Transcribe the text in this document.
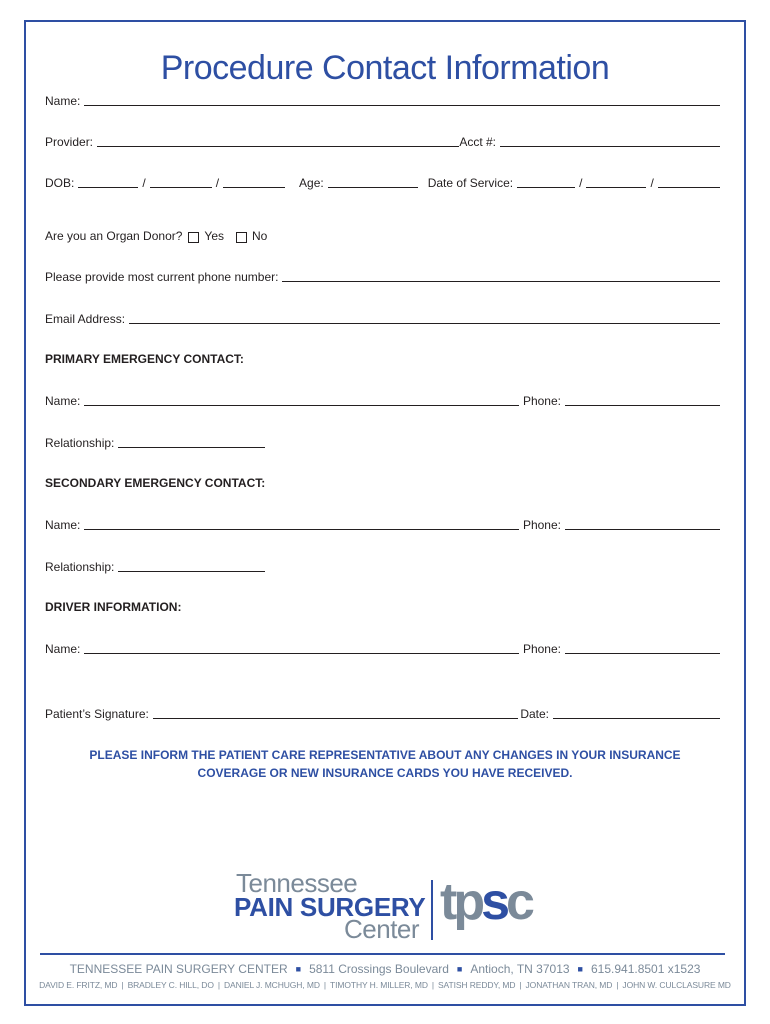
Procedure Contact Information
Name:
Provider:	Acct #:
DOB:	/	/	Age:	Date of Service:	/	/
Are you an Organ Donor? Yes No
Please provide most current phone number:
Email Address:
PRIMARY EMERGENCY CONTACT:
Name:	Phone:
Relationship:
SECONDARY EMERGENCY CONTACT:
Name:	Phone:
Relationship:
DRIVER INFORMATION:
Name:	Phone:
Patient’s Signature:	Date:
PLEASE INFORM THE PATIENT CARE REPRESENTATIVE ABOUT ANY CHANGES IN YOUR INSURANCE
COVERAGE OR NEW INSURANCE CARDS YOU HAVE RECEIVED.
Tennessee
PAIN SURGERY
Center tpsc
TENNESSEE PAIN SURGERY CENTER ■ 5811 Crossings Boulevard ■ Antioch, TN 37013 ■ 615.941.8501 x1523
DAVID E. FRITZ, MD | BRADLEY C. HILL, DO | DANIEL J. MCHUGH, MD | TIMOTHY H. MILLER, MD | SATISH REDDY, MD | JONATHAN TRAN, MD | JOHN W. CULCLASURE MD
